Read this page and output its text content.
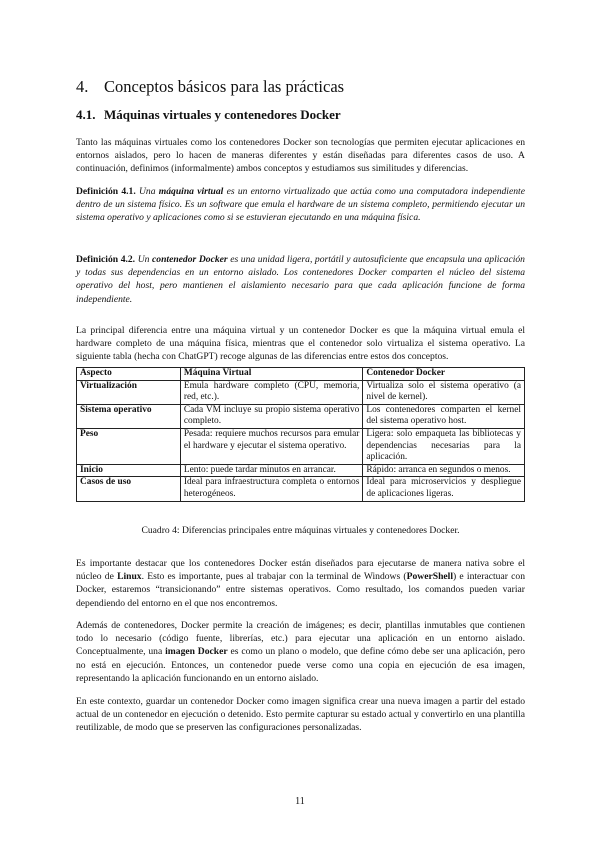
4. Conceptos básicos para las prácticas
4.1. Máquinas virtuales y contenedores Docker

Tanto las máquinas virtuales como los contenedores Docker son tecnologías que permiten ejecutar aplicaciones en entornos aislados, pero lo hacen de maneras diferentes y están diseñadas para diferentes casos de uso. A continuación, definimos (informalmente) ambos conceptos y estudiamos sus similitudes y diferencias.

Definición 4.1. Una máquina virtual es un entorno virtualizado que actúa como una computadora independiente dentro de un sistema físico. Es un software que emula el hardware de un sistema completo, permitiendo ejecutar un sistema operativo y aplicaciones como si se estuvieran ejecutando en una máquina física.

Definición 4.2. Un contenedor Docker es una unidad ligera, portátil y autosuficiente que encapsula una aplicación y todas sus dependencias en un entorno aislado. Los contenedores Docker comparten el núcleo del sistema operativo del host, pero mantienen el aislamiento necesario para que cada aplicación funcione de forma independiente.

La principal diferencia entre una máquina virtual y un contenedor Docker es que la máquina virtual emula el hardware completo de una máquina física, mientras que el contenedor solo virtualiza el sistema operativo. La siguiente tabla (hecha con ChatGPT) recoge algunas de las diferencias entre estos dos conceptos.

Aspecto	Máquina Virtual	Contenedor Docker
Virtualización	Emula hardware completo (CPU, memoria, red, etc.).	Virtualiza solo el sistema operativo (a nivel de kernel).
Sistema operativo	Cada VM incluye su propio sistema operativo completo.	Los contenedores comparten el kernel del sistema operativo host.
Peso	Pesada: requiere muchos recursos para emular el hardware y ejecutar el sistema operativo.	Ligera: solo empaqueta las bibliotecas y dependencias necesarias para la aplicación.
Inicio	Lento: puede tardar minutos en arrancar.	Rápido: arranca en segundos o menos.
Casos de uso	Ideal para infraestructura completa o entornos heterogéneos.	Ideal para microservicios y despliegue de aplicaciones ligeras.
Cuadro 4: Diferencias principales entre máquinas virtuales y contenedores Docker.

Es importante destacar que los contenedores Docker están diseñados para ejecutarse de manera nativa sobre el núcleo de Linux. Esto es importante, pues al trabajar con la terminal de Windows (PowerShell) e interactuar con Docker, estaremos “transicionando” entre sistemas operativos. Como resultado, los comandos pueden variar dependiendo del entorno en el que nos encontremos.

Además de contenedores, Docker permite la creación de imágenes; es decir, plantillas inmutables que contienen todo lo necesario (código fuente, librerías, etc.) para ejecutar una aplicación en un entorno aislado. Conceptualmente, una imagen Docker es como un plano o modelo, que define cómo debe ser una aplicación, pero no está en ejecución. Entonces, un contenedor puede verse como una copia en ejecución de esa imagen, representando la aplicación funcionando en un entorno aislado.

En este contexto, guardar un contenedor Docker como imagen significa crear una nueva imagen a partir del estado actual de un contenedor en ejecución o detenido. Esto permite capturar su estado actual y convertirlo en una plantilla reutilizable, de modo que se preserven las configuraciones personalizadas.

11
